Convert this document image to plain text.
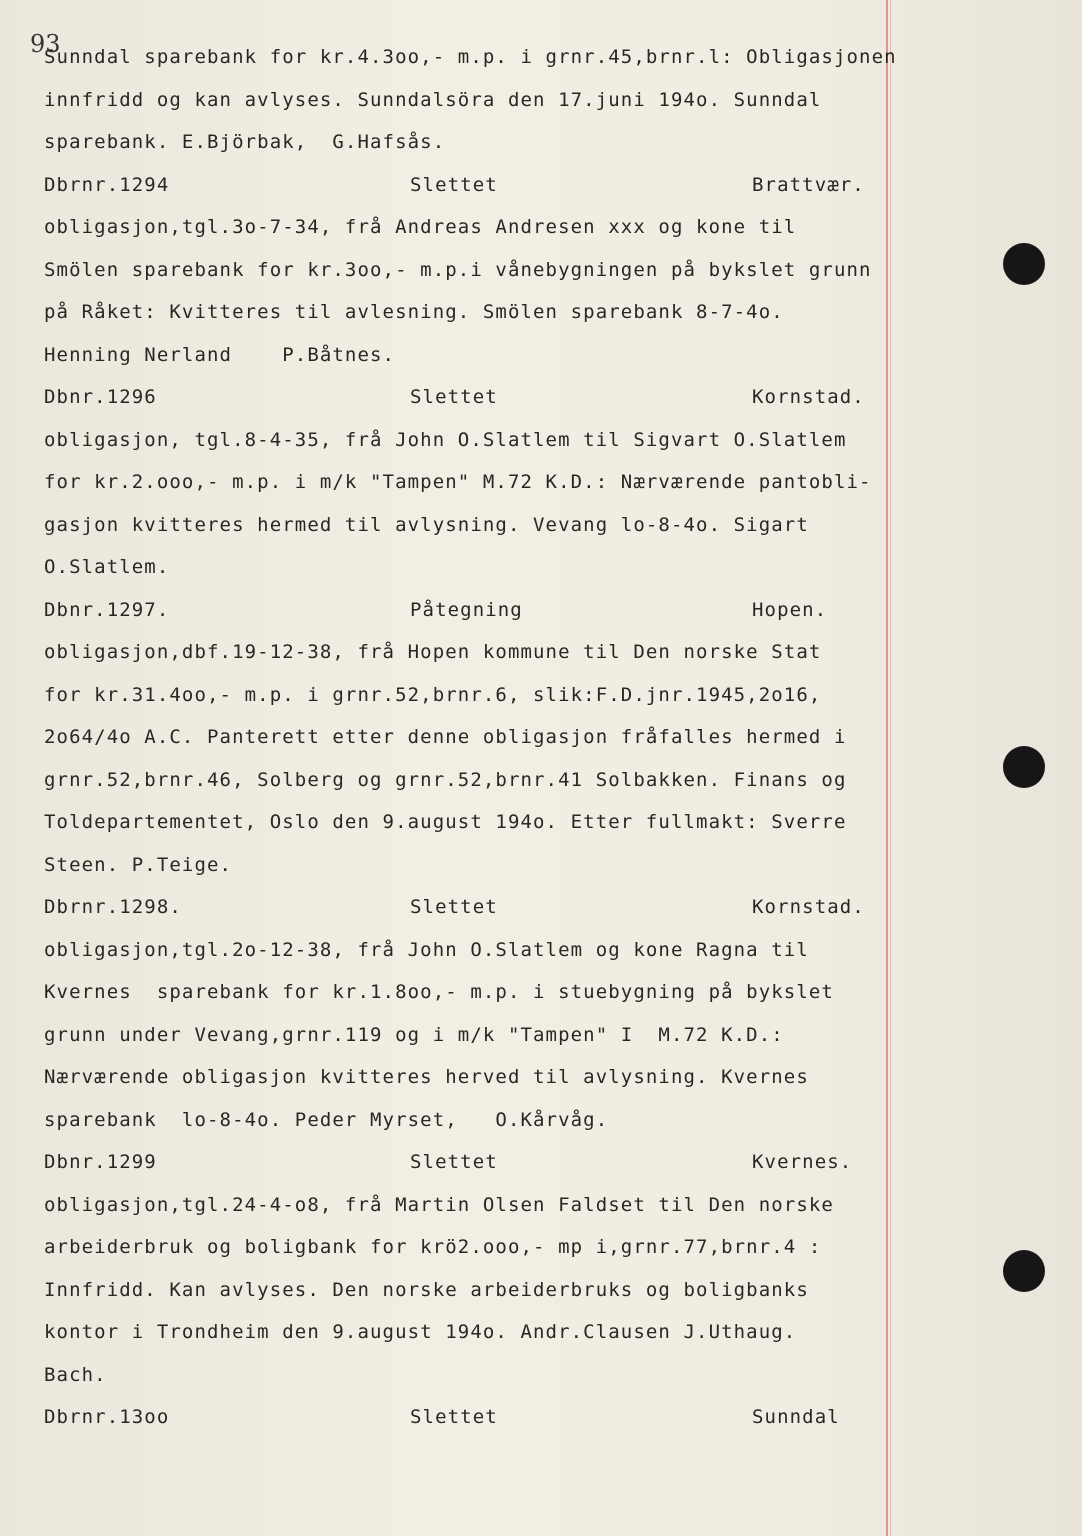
93
Sunndal sparebank for kr.4.3oo,- m.p. i grnr.45,brnr.l: Obligasjonen
innfridd og kan avlyses. Sunndalsöra den 17.juni 194o. Sunndal
sparebank. E.Björbak,  G.Hafsås.
Dbrnr.1294	Slettet	Brattvær.
obligasjon,tgl.3o-7-34, frå Andreas Andresen xxx og kone til
Smölen sparebank for kr.3oo,- m.p.i vånebygningen på bykslet grunn
på Råket: Kvitteres til avlesning. Smölen sparebank 8-7-4o.
Henning Nerland    P.Båtnes.
Dbnr.1296	Slettet	Kornstad.
obligasjon, tgl.8-4-35, frå John O.Slatlem til Sigvart O.Slatlem
for kr.2.ooo,- m.p. i m/k "Tampen" M.72 K.D.: Nærværende pantobli-
gasjon kvitteres hermed til avlysning. Vevang lo-8-4o. Sigart
O.Slatlem.
Dbnr.1297.	Påtegning	Hopen.
obligasjon,dbf.19-12-38, frå Hopen kommune til Den norske Stat
for kr.31.4oo,- m.p. i grnr.52,brnr.6, slik:F.D.jnr.1945,2o16,
2o64/4o A.C. Panterett etter denne obligasjon fråfalles hermed i
grnr.52,brnr.46, Solberg og grnr.52,brnr.41 Solbakken. Finans og
Toldepartementet, Oslo den 9.august 194o. Etter fullmakt: Sverre
Steen. P.Teige.
Dbrnr.1298.	Slettet	Kornstad.
obligasjon,tgl.2o-12-38, frå John O.Slatlem og kone Ragna til
Kvernes  sparebank for kr.1.8oo,- m.p. i stuebygning på bykslet
grunn under Vevang,grnr.119 og i m/k "Tampen" I  M.72 K.D.:
Nærværende obligasjon kvitteres herved til avlysning. Kvernes
sparebank  lo-8-4o. Peder Myrset,   O.Kårvåg.
Dbnr.1299	Slettet	Kvernes.
obligasjon,tgl.24-4-o8, frå Martin Olsen Faldset til Den norske
arbeiderbruk og boligbank for krö2.ooo,- mp i,grnr.77,brnr.4 :
Innfridd. Kan avlyses. Den norske arbeiderbruks og boligbanks
kontor i Trondheim den 9.august 194o. Andr.Clausen J.Uthaug.
Bach.
Dbrnr.13oo	Slettet	Sunndal
